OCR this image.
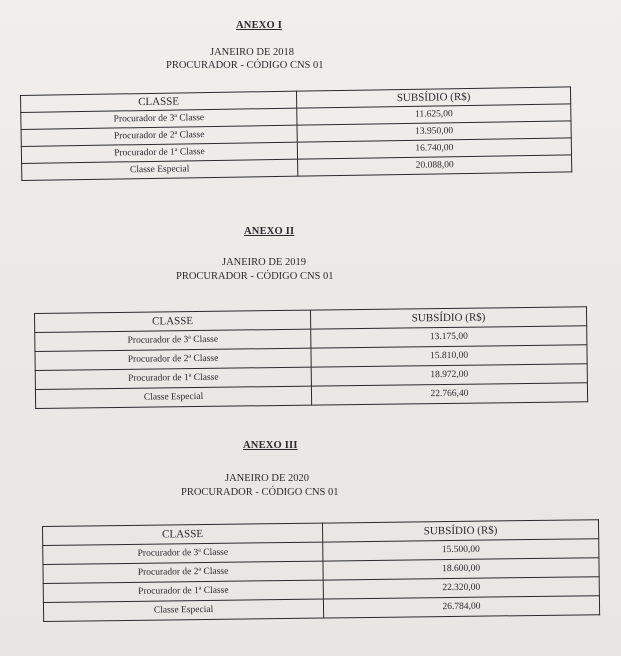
ANEXO I
JANEIRO DE 2018
PROCURADOR - CÓDIGO CNS 01
CLASSE	SUBSÍDIO (R$)
Procurador de 3ª Classe	11.625,00
Procurador de 2ª Classe	13.950,00
Procurador de 1ª Classe	16.740,00
Classe Especial	20.088,00
ANEXO II
JANEIRO DE 2019
PROCURADOR - CÓDIGO CNS 01
CLASSE	SUBSÍDIO (R$)
Procurador de 3ª Classe	13.175,00
Procurador de 2ª Classe	15.810,00
Procurador de 1ª Classe	18.972,00
Classe Especial	22.766,40
ANEXO III
JANEIRO DE 2020
PROCURADOR - CÓDIGO CNS 01
CLASSE	SUBSÍDIO (R$)
Procurador de 3ª Classe	15.500,00
Procurador de 2ª Classe	18.600,00
Procurador de 1ª Classe	22.320,00
Classe Especial	26.784,00
